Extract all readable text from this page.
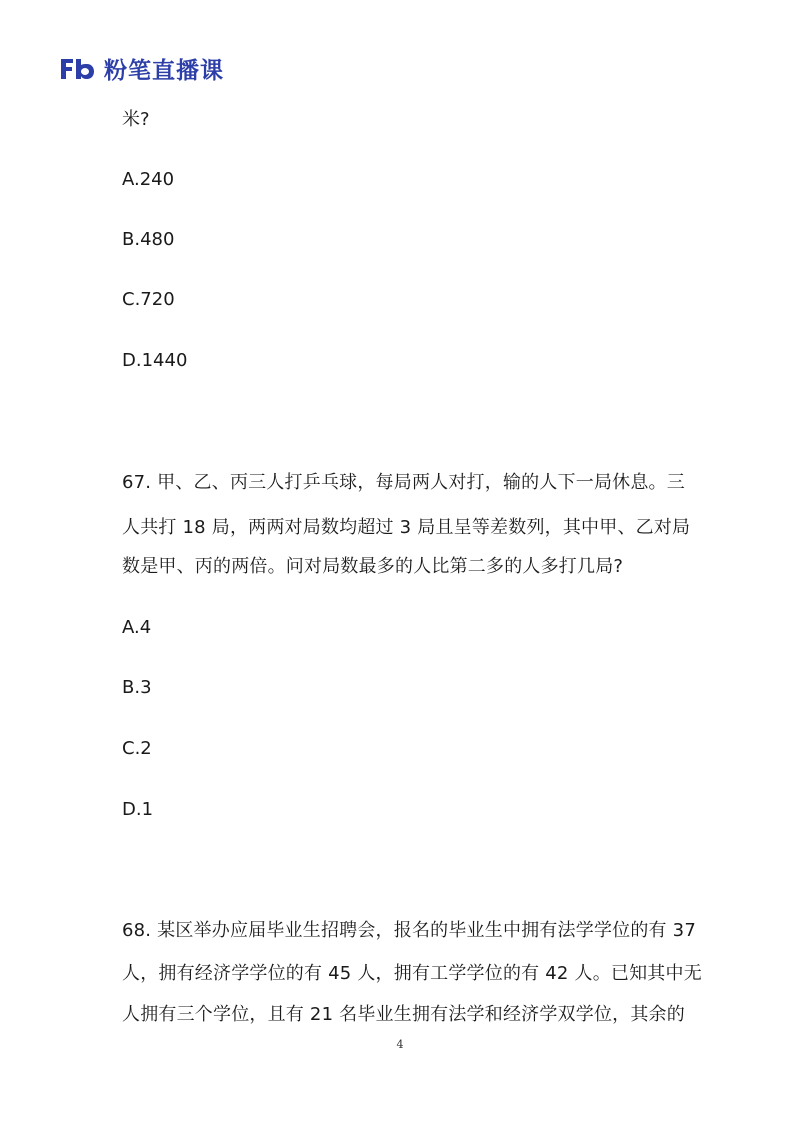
粉笔直播课
米?
A.240
B.480
C.720
D.1440
67. 甲、乙、丙三人打乒乓球，每局两人对打，输的人下一局休息。三
人共打 18 局，两两对局数均超过 3 局且呈等差数列，其中甲、乙对局
数是甲、丙的两倍。问对局数最多的人比第二多的人多打几局?
A.4
B.3
C.2
D.1
68. 某区举办应届毕业生招聘会，报名的毕业生中拥有法学学位的有 37
人，拥有经济学学位的有 45 人，拥有工学学位的有 42 人。已知其中无
人拥有三个学位，且有 21 名毕业生拥有法学和经济学双学位，其余的
4
